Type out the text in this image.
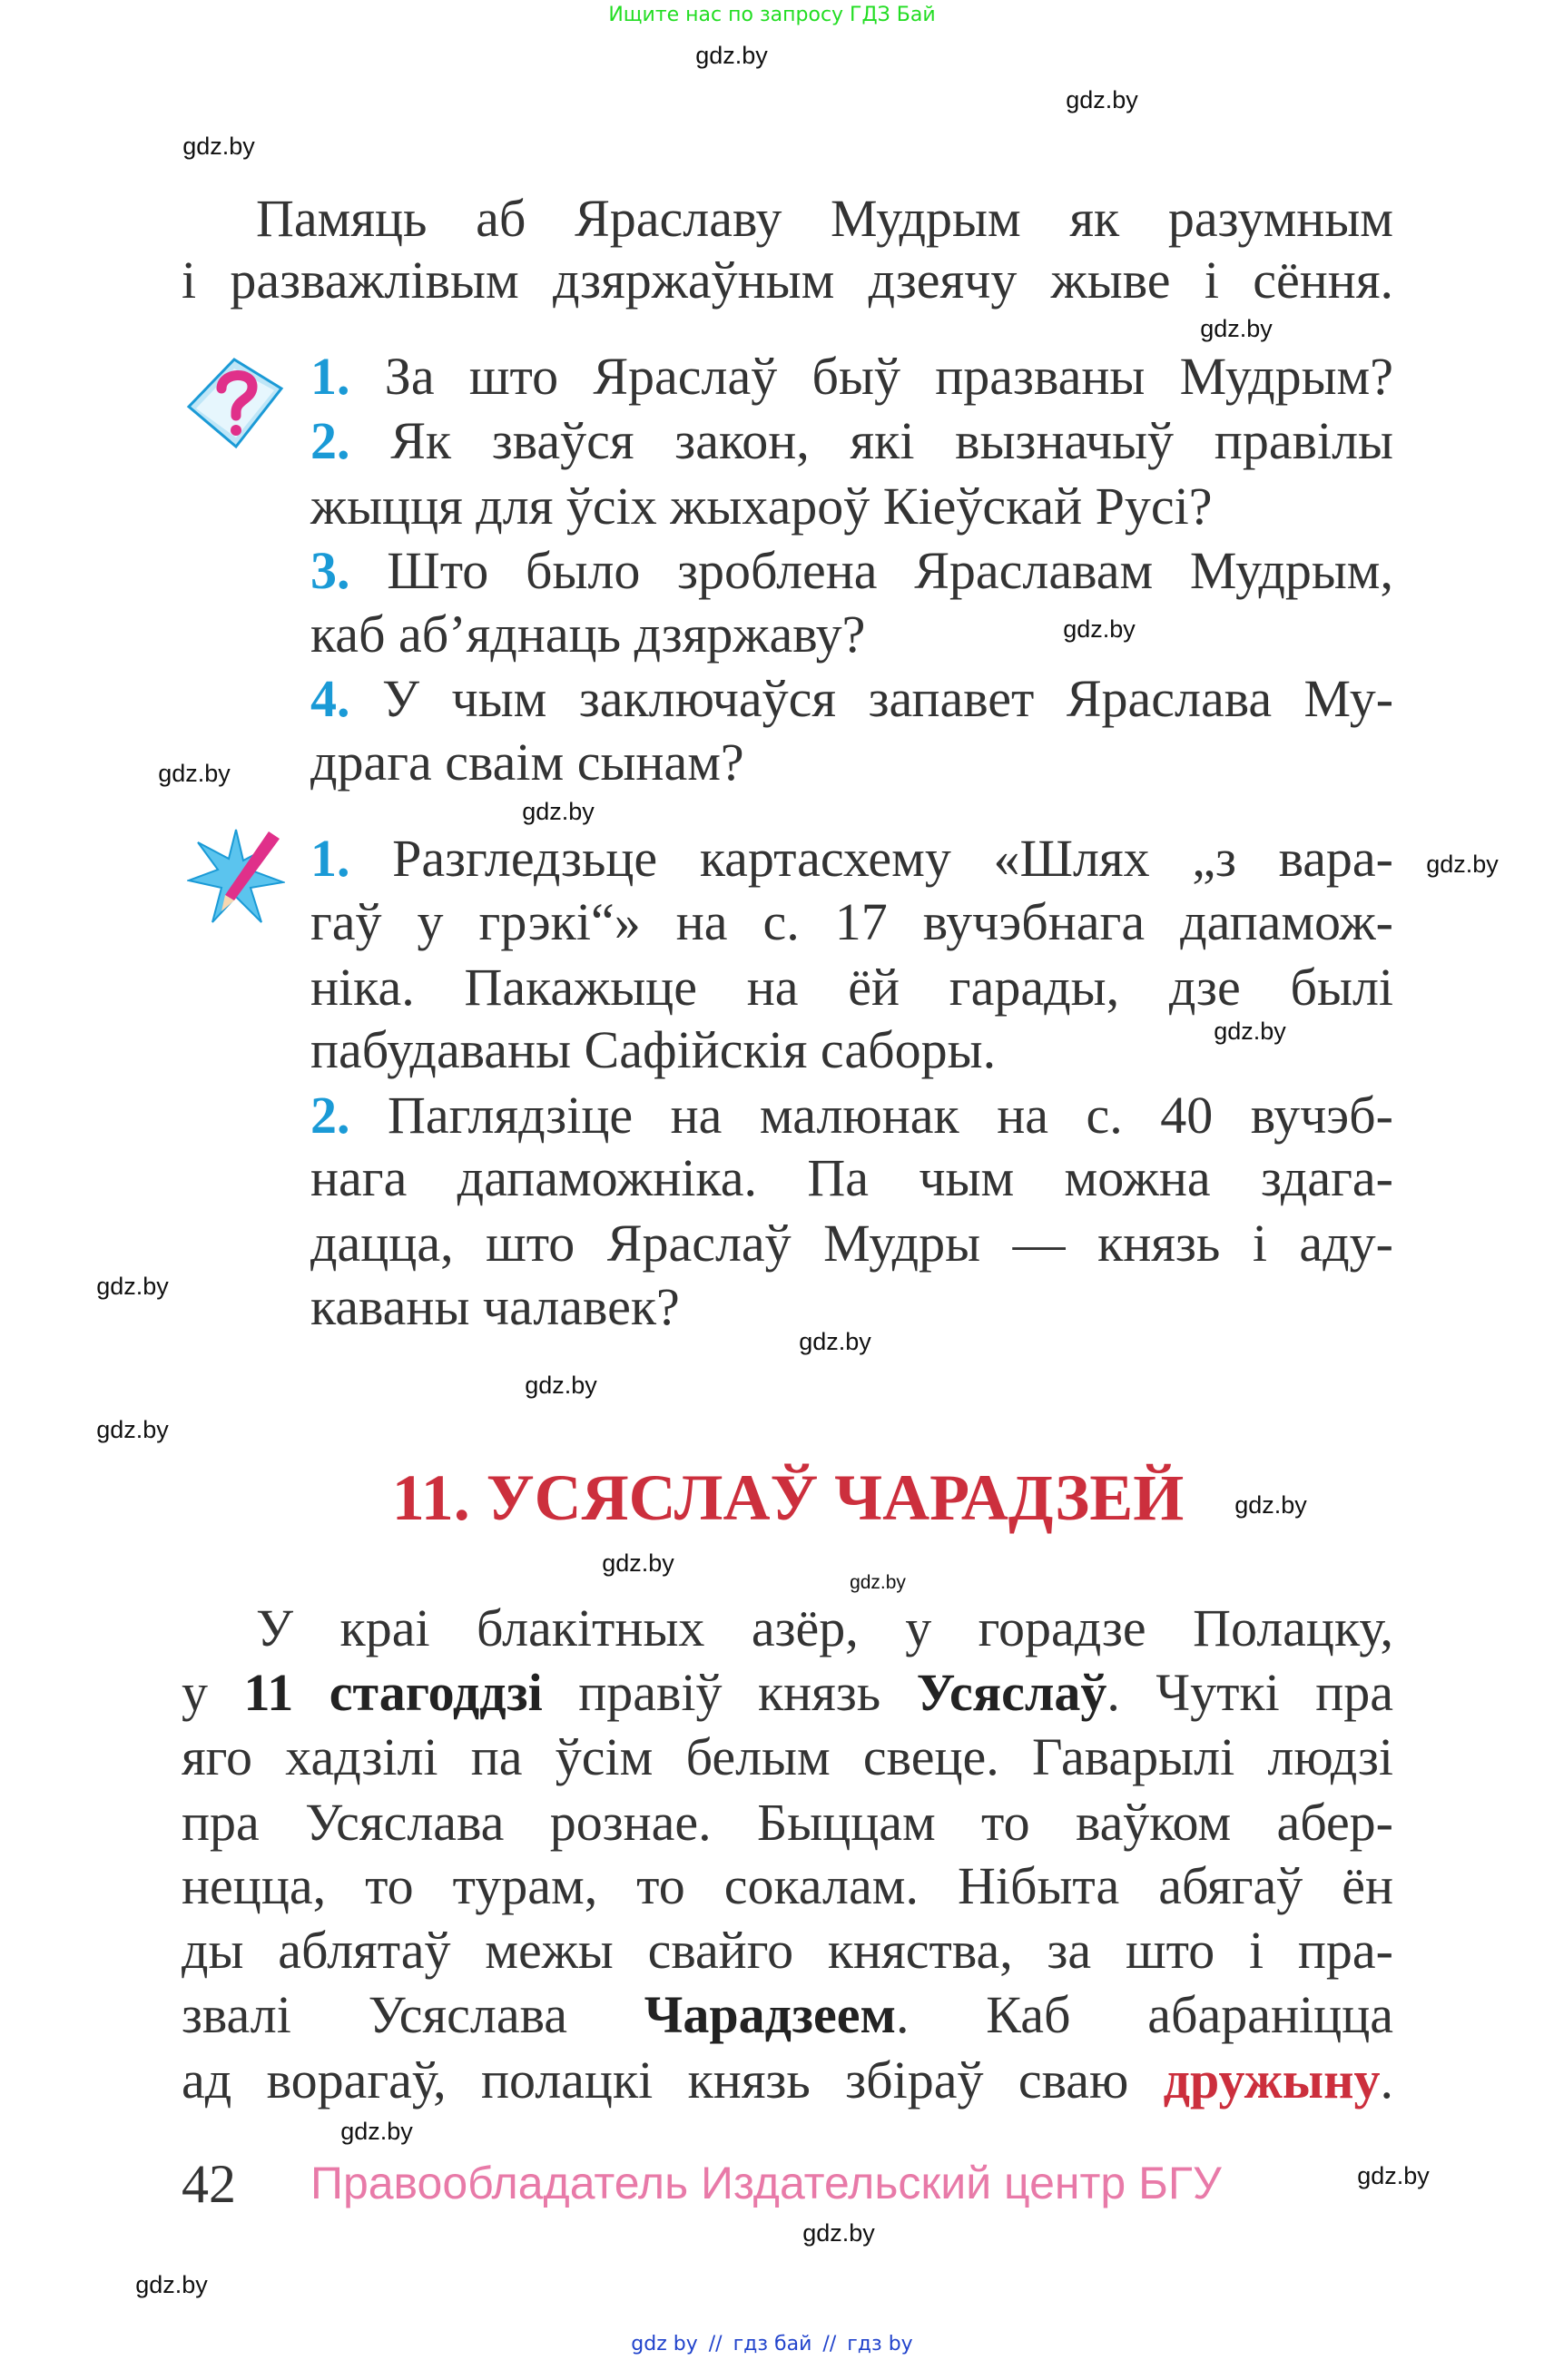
Ищите нас по запросу ГДЗ Бай
gdz.by
gdz.by
gdz.by
gdz.by
gdz.by
gdz.by
gdz.by
gdz.by
gdz.by
gdz.by
gdz.by
gdz.by
gdz.by
gdz.by
gdz.by
gdz.by
gdz.by
gdz.by
gdz.by
gdz.by
Памяць аб Яраславу Мудрым як разумным
і разважлівым дзяржаўным дзеячу жыве і сёння.
1. За што Яраслаў быў празваны Мудрым?
2. Як зваўся закон, які вызначыў правілы
жыцця для ўсіх жыхароў Кіеўскай Русі?
3. Што было зроблена Яраславам Мудрым,
каб аб’яднаць дзяржаву?
4. У чым заключаўся запавет Яраслава Му-
драга сваім сынам?
1. Разгледзьце картасхему «Шлях „з вара-
гаў у грэкі“» на с. 17 вучэбнага дапамож-
ніка. Пакажыце на ёй гарады, дзе былі
пабудаваны Сафійскія саборы.
2. Паглядзіце на малюнак на с. 40 вучэб-
нага дапаможніка. Па чым можна здага-
дацца, што Яраслаў Мудры — князь і аду-
каваны чалавек?
У краі блакітных азёр, у горадзе Полацку,
у 11 стагоддзі правіў князь Усяслаў. Чуткі пра
яго хадзілі па ўсім белым свеце. Гаварылі людзі
пра Усяслава рознае. Быццам то ваўком абер-
нецца, то турам, то сокалам. Нібыта абягаў ён
ды аблятаў межы свайго княства, за што і пра-
звалі Усяслава Чарадзеем. Каб абараніцца
ад ворагаў, полацкі князь збіраў сваю дружыну.
11. УСЯСЛАЎ ЧАРАДЗЕЙ
42 Правообладатель Издательский центр БГУ
gdz by // гдз бай // гдз by
